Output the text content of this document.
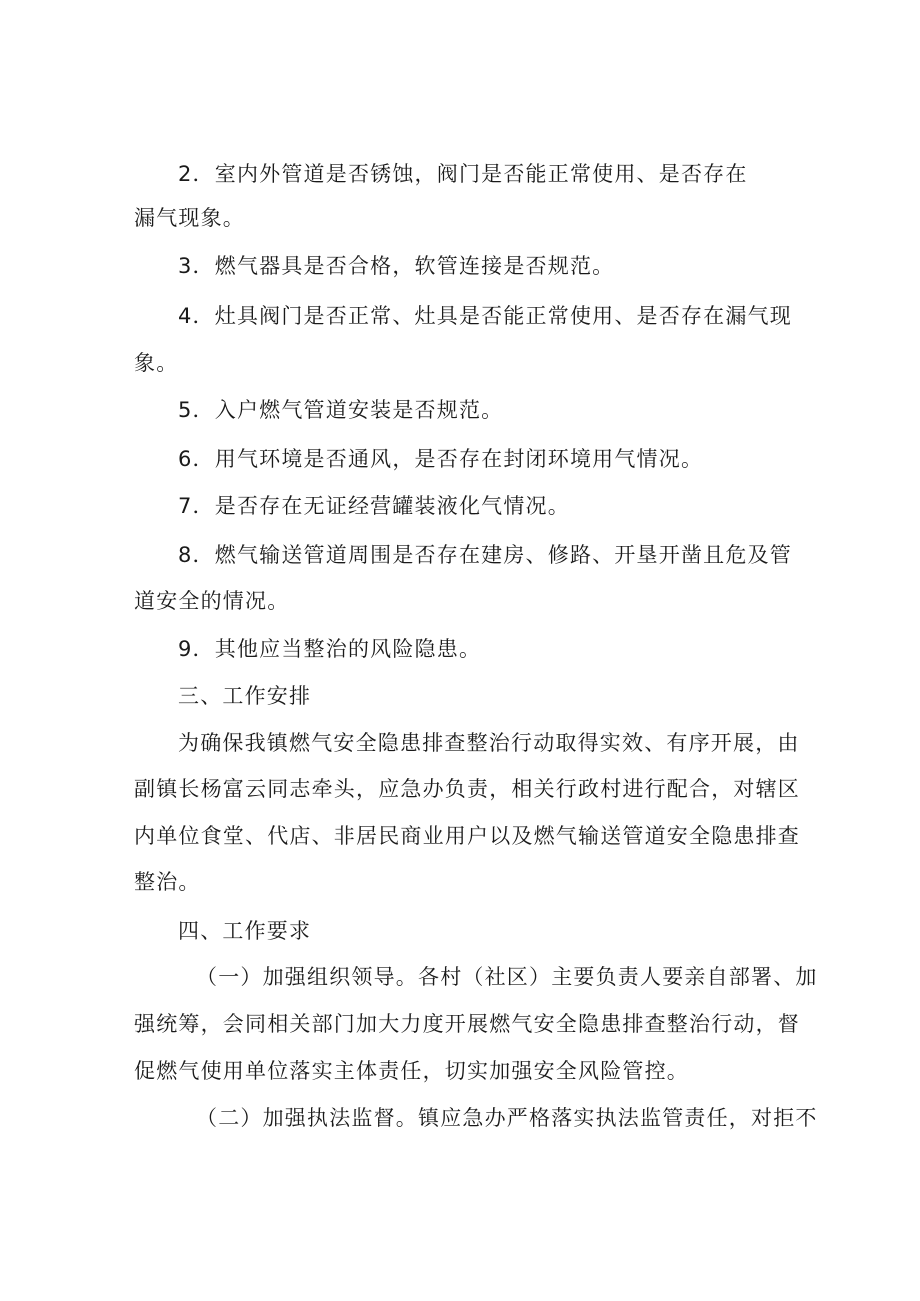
2．室内外管道是否锈蚀，阀门是否能正常使用、是否存在
漏气现象。
3．燃气器具是否合格，软管连接是否规范。
4．灶具阀门是否正常、灶具是否能正常使用、是否存在漏气现
象。
5．入户燃气管道安装是否规范。
6．用气环境是否通风，是否存在封闭环境用气情况。
7．是否存在无证经营罐装液化气情况。
8．燃气输送管道周围是否存在建房、修路、开垦开凿且危及管
道安全的情况。
9．其他应当整治的风险隐患。
三、工作安排
为确保我镇燃气安全隐患排查整治行动取得实效、有序开展，由
副镇长杨富云同志牵头，应急办负责，相关行政村进行配合，对辖区
内单位食堂、代店、非居民商业用户以及燃气输送管道安全隐患排查
整治。
四、工作要求
（一）加强组织领导。各村（社区）主要负责人要亲自部署、加
强统筹，会同相关部门加大力度开展燃气安全隐患排查整治行动，督
促燃气使用单位落实主体责任，切实加强安全风险管控。
（二）加强执法监督。镇应急办严格落实执法监管责任，对拒不
